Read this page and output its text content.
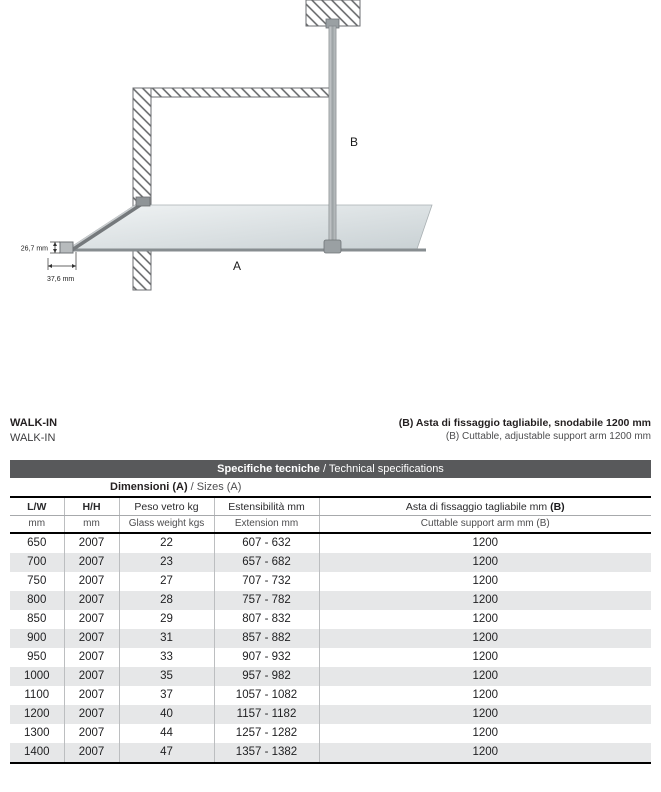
26,7 mm
37,6 mm
A
B
WALK-IN
WALK-IN
(B) Asta di fissaggio tagliabile, snodabile 1200 mm
(B) Cuttable, adjustable support arm 1200 mm
Specifiche tecniche / Technical specifications				
Dimensioni (A) / Sizes (A)				
L/W	H/H	Peso vetro kg	Estensibilità mm	Asta di fissaggio tagliabile mm (B)
mm	mm	Glass weight kgs	Extension mm	Cuttable support arm mm (B)
650	2007	22	607 - 632	1200
700	2007	23	657 - 682	1200
750	2007	27	707 - 732	1200
800	2007	28	757 - 782	1200
850	2007	29	807 - 832	1200
900	2007	31	857 - 882	1200
950	2007	33	907 - 932	1200
1000	2007	35	957 - 982	1200
1100	2007	37	1057 - 1082	1200
1200	2007	40	1157 - 1182	1200
1300	2007	44	1257 - 1282	1200
1400	2007	47	1357 - 1382	1200
